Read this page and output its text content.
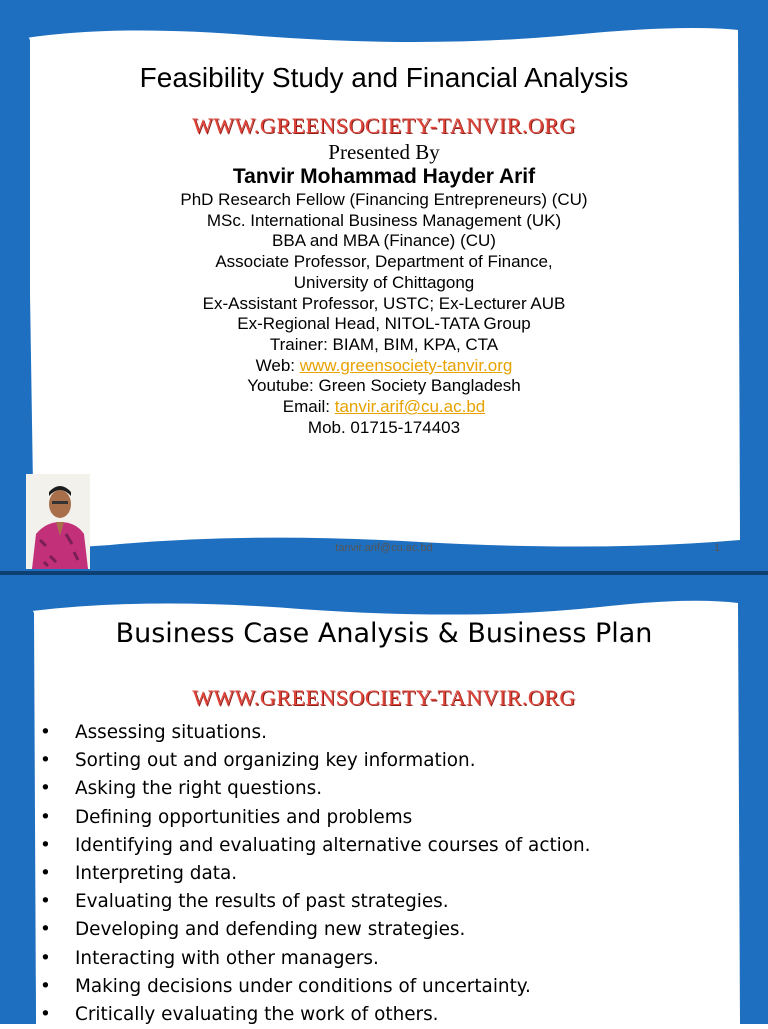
Feasibility Study and Financial Analysis
WWW.GREENSOCIETY-TANVIR.ORG
Presented By
Tanvir Mohammad Hayder Arif
PhD Research Fellow (Financing Entrepreneurs) (CU)
MSc. International Business Management (UK)
BBA and MBA (Finance) (CU)
Associate Professor, Department of Finance,
University of Chittagong
Ex-Assistant Professor, USTC; Ex-Lecturer AUB
Ex-Regional Head, NITOL-TATA Group
Trainer: BIAM, BIM, KPA, CTA
Web: www.greensociety-tanvir.org
Youtube: Green Society Bangladesh
Email: tanvir.arif@cu.ac.bd
Mob. 01715-174403
tanvir.arif@cu.ac.bd	1
Business Case Analysis & Business Plan
WWW.GREENSOCIETY-TANVIR.ORG
• Assessing situations.
• Sorting out and organizing key information.
• Asking the right questions.
• Defining opportunities and problems
• Identifying and evaluating alternative courses of action.
• Interpreting data.
• Evaluating the results of past strategies.
• Developing and defending new strategies.
• Interacting with other managers.
• Making decisions under conditions of uncertainty.
• Critically evaluating the work of others.
